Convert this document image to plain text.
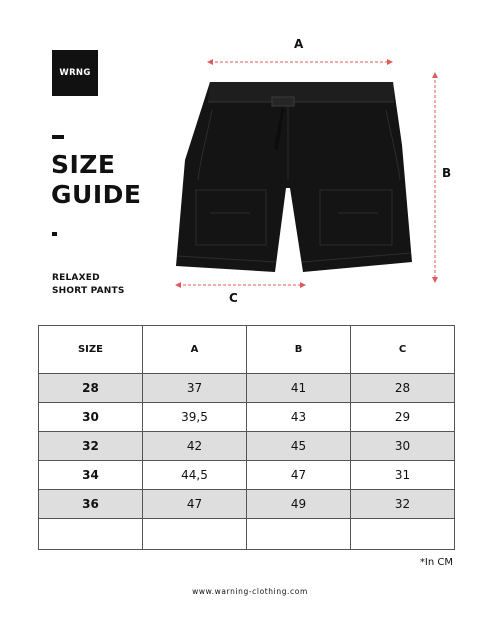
WRNG
SIZE
GUIDE
RELAXED
SHORT PANTS
A
B
C
SIZE	A	B	C
28	37	41	28
30	39,5	43	29
32	42	45	30
34	44,5	47	31
36	47	49	32

*In CM
www.warning-clothing.com
